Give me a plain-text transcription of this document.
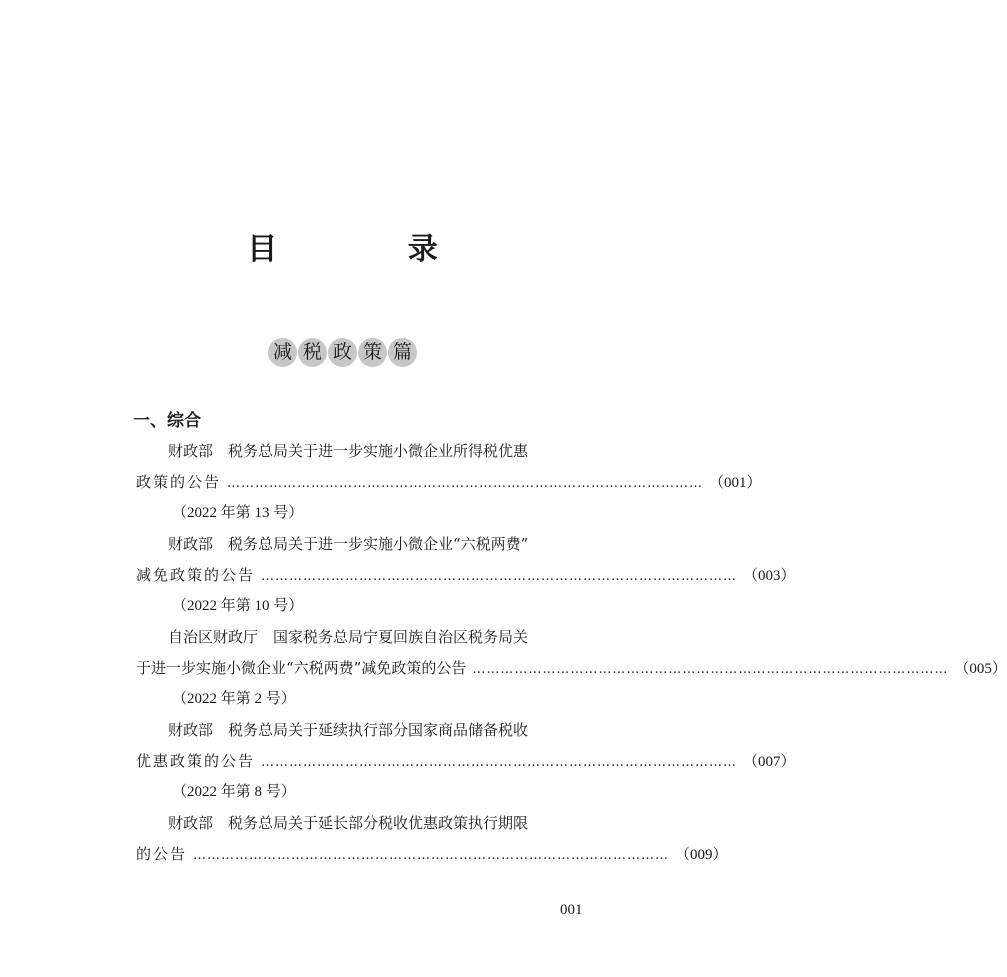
目 录
减 税 政 策 篇
一、综合
财政部　税务总局关于进一步实施小微企业所得税优惠
政策的公告 ………………………………………………………………………………………… （001）
（2022 年第 13 号）
财政部　税务总局关于进一步实施小微企业“六税两费”
减免政策的公告 ………………………………………………………………………………………… （003）
（2022 年第 10 号）
自治区财政厅　国家税务总局宁夏回族自治区税务局关
于进一步实施小微企业“六税两费”减免政策的公告 ………………………………………………………………………………………… （005）
（2022 年第 2 号）
财政部　税务总局关于延续执行部分国家商品储备税收
优惠政策的公告 ………………………………………………………………………………………… （007）
（2022 年第 8 号）
财政部　税务总局关于延长部分税收优惠政策执行期限
的公告 ………………………………………………………………………………………… （009）
001
